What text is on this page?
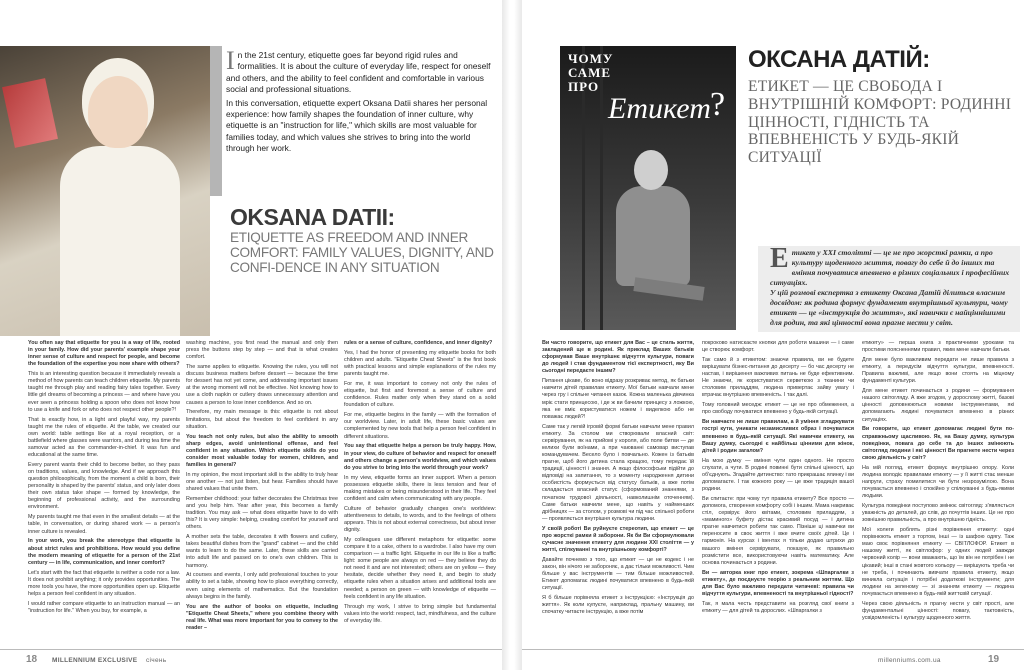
In the 21st century, etiquette goes far beyond rigid rules and formalities. It is about the culture of everyday life, respect for oneself and others, and the ability to feel confident and comfortable in various social and professional situations.

In this conversation, etiquette expert Oksana Datii shares her personal experience: how family shapes the foundation of inner culture, why etiquette is an "instruction for life," which skills are most valuable for families today, and which values she strives to bring into the world through her work.

OKSANA DATII:
ETIQUETTE AS FREEDOM AND INNER COMFORT: FAMILY VALUES, DIGNITY, AND CONFI-DENCE IN ANY SITUATION

You often say that etiquette for you is a way of life, rooted in your family. How did your parents' example shape your inner sense of culture and respect for people, and become the foundation of the expertise you now share with others?

This is an interesting question because it immediately reveals a method of how parents can teach children etiquette. My parents taught me through play and reading fairy tales together. Every little girl dreams of becoming a princess — and where have you ever seen a princess holding a spoon who does not know how to use a knife and fork or who does not respect other people?!

That is exactly how, in a light and playful way, my parents taught me the rules of etiquette. At the table, we created our own world: table settings like at a royal reception, or a battlefield where glasses were warriors, and during tea time the samovar acted as the commander-in-chief. It was fun and educational at the same time.

Every parent wants their child to become better, so they pass on traditions, values, and knowledge. And if we approach this question philosophically, from the moment a child is born, their personality is shaped by the parents' status, and only later does their own status take shape — formed by knowledge, the beginning of professional activity, and the surrounding environment.

My parents taught me that even in the smallest details — at the table, in conversation, or during shared work — a person's inner culture is revealed.

In your work, you break the stereotype that etiquette is about strict rules and prohibitions. How would you define the modern meaning of etiquette for a person of the 21st century — in life, communication, and inner comfort?

Let's start with the fact that etiquette is neither a code nor a law. It does not prohibit anything; it only provides opportunities. The more tools you have, the more opportunities open up. Etiquette helps a person feel confident in any situation.

I would rather compare etiquette to an instruction manual — an "instruction for life." When you buy, for example, a

washing machine, you first read the manual and only then press the buttons step by step — and that is what creates comfort.

The same applies to etiquette. Knowing the rules, you will not discuss business matters before dessert — because the time for dessert has not yet come, and addressing important issues at the wrong moment will not be effective. Not knowing how to use a cloth napkin or cutlery draws unnecessary attention and causes a person to lose inner confidence. And so on.

Therefore, my main message is this: etiquette is not about limitations, but about the freedom to feel confident in any situation.

You teach not only rules, but also the ability to smooth sharp edges, avoid unintentional offense, and feel confident in any situation. Which etiquette skills do you consider most valuable today for women, children, and families in general?

In my opinion, the most important skill is the ability to truly hear one another — not just listen, but hear. Families should have shared values that unite them.

Remember childhood: your father decorates the Christmas tree and you help him. Year after year, this becomes a family tradition. You may ask — what does etiquette have to do with this? It is very simple: helping, creating comfort for yourself and others.

A mother sets the table, decorates it with flowers and cutlery, takes beautiful dishes from the "grand" cabinet — and the child wants to learn to do the same. Later, these skills are carried into adult life and passed on to one's own children. This is harmony.

At courses and events, I only add professional touches to your ability to set a table, showing how to place everything correctly, even using elements of mathematics. But the foundation always begins in the family.

You are the author of books on etiquette, including "Etiquette Cheat Sheets," where you combine theory with real life. What was more important for you to convey to the reader –

rules or a sense of culture, confidence, and inner dignity?

Yes, I had the honor of presenting my etiquette books for both children and adults. "Etiquette Cheat Sheets" is the first book with practical lessons and simple explanations of the rules my parents taught me.

For me, it was important to convey not only the rules of etiquette, but first and foremost a sense of culture and confidence. Rules matter only when they stand on a solid foundation of culture.

For me, etiquette begins in the family — with the formation of our worldview. Later, in adult life, these basic values are complemented by new tools that help a person feel confident in different situations.

You say that etiquette helps a person be truly happy. How, in your view, do culture of behavior and respect for oneself and others change a person's worldview, and which values do you strive to bring into the world through your work?

In my view, etiquette forms an inner support. When a person possesses etiquette skills, there is less tension and fear of making mistakes or being misunderstood in their life. They feel confident and calm when communicating with any people.

Culture of behavior gradually changes one's worldview: attentiveness to details, to words, and to the feelings of others appears. This is not about external correctness, but about inner dignity.

My colleagues use different metaphors for etiquette: some compare it to a cake, others to a wardrobe. I also have my own comparison — a traffic light. Etiquette in our life is like a traffic light: some people are always on red — they believe they do not need it and are not interested; others are on yellow — they hesitate, decide whether they need it, and begin to study etiquette rules when a situation arises and additional tools are needed; a person on green — with knowledge of etiquette — feels confident in any life situation.

Through my work, I strive to bring simple but fundamental values into the world: respect, tact, mindfulness, and the culture of everyday life.

18 MILLENNIUM EXCLUSIVE січень
ЧОМУ
САМЕ
ПРО
Етикет ?
ОКСАНА ДАТІЙ:
ЕТИКЕТ — ЦЕ СВОБОДА І ВНУТРІШНІЙ КОМФОРТ: РОДИННІ ЦІННОСТІ, ГІДНІСТЬ ТА ВПЕВНЕНІСТЬ У БУДЬ-ЯКІЙ СИТУАЦІЇ

Етикет у XXI столітті — це не про жорсткі рамки, а про культуру щоденного життя, повагу до себе й до інших та вміння почуватися впевнено в різних соціальних і професійних ситуаціях.

У цій розмові експертка з етикету Оксана Датій ділиться власним досвідом: як родина формує фундамент внутрішньої культури, чому етикет — це «інструкція до життя», які навички є найціннішими для родин, та які цінності вона прагне нести у світ.

Ви часто говорите, що етикет для Вас – це стиль життя, закладений ще в родині. Як приклад Ваших батьків сформував Ваше внутрішнє відчуття культури, поваги до людей і став фундаментом тієї експертності, яку Ви сьогодні передаєте іншим?

Питання цікаве, бо воно відразу розкриває метод, як батьки навчити дітей правилам етикету. Мої батьки навчали мене через гру і спільне читання казок. Кожна маленька дівчинка мріє стати принцесою, і де ж ви бачили принцесу з ложкою, яка не вміє користуватися ножем і виделкою або не поважає людей?!

Саме так у легкій ігровій формі батьки навчали мене правил етикету. За столом ми створювали власний світ: сервірування, як на прийомі у короля, або поле битви — де келихи були воїнами, а при чаюванні самовар виступав командувачем. Весело було і повчально. Кожен із батьків прагне, щоб його дитина стала кращою, тому передає їй традиції, цінності і знання. А якщо філософськи підійти до відповіді на запитання, то з моменту народження дитини особистість формується від статусу батьків, а вже потім складається власний статус (сформований знаннями, з початком трудової діяльності, навколишнім оточенням). Саме батьки навчили мене, що навіть у найменших дрібницях — за столом, у розмові чи під час спільної роботи — проявляється внутрішня культура людини.

У своїй роботі Ви руйнуєте стереотип, що етикет — це про жорсткі рамки й заборони. Як би Ви сформулювали сучасне значення етикету для людини XXI століття — у житті, спілкуванні та внутрішньому комфорті?

Давайте почнемо з того, що етикет — це не кодекс і не закон, він нічого не забороняє, а дає тільки можливості. Чим більше у вас інструментів — тим більше можливостей. Етикет допомагає людині почуватися впевнено в будь-якій ситуації.

Я б більше порівняла етикет з інструкцією: «Інструкція до життя». Як коли купуєте, наприклад, пральну машину, ви спочатку читаєте інструкцію, а вже потім

покроково натискаєте кнопки для роботи машини — і саме це створює комфорт.

Так само й з етикетом: знаючи правила, ви не будете вирішувати бізнес-питання до десерту — бо час десерту не настав, і вирішення важливих питань не буде ефективним. Не знаючи, як користуватися серветкою з тканини чи столовим приладдям, людина привертає зайву увагу і втрачає внутрішню впевненість. І так далі.

Тому головний меседж: етикет — це не про обмеження, а про свободу почуватися впевнено у будь-якій ситуації.

Ви навчаєте не лише правилам, а й уміння згладжувати гострі кути, уникати незамисливих образ і почуватися впевнено в будь-якій ситуації. Які навички етикету, на Вашу думку, сьогодні є найбільш цінними для жінок, дітей і родин загалом?

На мою думку — вміння чути один одного. Не просто слухати, а чути. В родині повинні бути спільні цінності, що об'єднують. Згадайте дитинство: тато прикрашає ялинку і ви допомагаєте. І так кожного року — це вже традиція вашої родини.

Ви спитаєте: при чому тут правила етикету? Все просто — допомога, створення комфорту собі і іншим. Мама накриває стіл, сервірує його квітами, столовим приладдям, з «маминого» буфету дістає красивий посуд — і дитина прагне навчитися робити так само. Пізніше ці навички ви переносите в своє життя і вже вчите своїх дітей. Це і гармонія. На курсах і івентах я тільки додаю штрихи до вашого вміння сервірувати, показую, як правильно розмістити все, використовуючи навіть математику. Але основа починається з родини.

Ви — авторка книг про етикет, зокрема «Шпаргалки з етикету», де поєднуєте теорію з реальним життям. Що для Вас було важливо передати читачеві: правила чи відчуття культури, впевненості та внутрішньої гідності?

Так, я мала честь представити на розгляд свої книги з етикету — для дітей та дорослих. «Шпаргалки з

етикету» — перша книга з практичними уроками та простими поясненнями правил, яким мене навчали батьки.

Для мене було важливим передати не лише правила з етикету, а передусім відчуття культури, впевненості. Правила важливі, але якщо вони стоять на міцному фундаменті культури.

Для мене етикет починається з родини — формування нашого світогляду. А вже згодом, у дорослому житті, базові цінності доповнюються новими інструментами, які допомагають людині почуватися впевнено в різних ситуаціях.

Ви говорите, що етикет допомагає людині бути по-справжньому щасливою. Як, на Вашу думку, культура поведінки, повага до себе та до інших змінюють світогляд людини і які цінності Ви прагнете нести через свою діяльність у світ?

На мій погляд, етикет формує внутрішню опору. Коли людина володіє правилами етикету — у її житті стає менше напруги, страху помилитися чи бути незрозумілою. Вона почувається впевнено і спокійно у спілкуванні з будь-якими людьми.

Культура поведінки поступово змінює світогляд: з'являється уважність до деталей, до слів, до почуттів інших. Це не про зовнішню правильність, а про внутрішню гідність.

Мої колеги роблять різні порівняння етикету: одні порівнюють етикет з тортом, інші — із шафою одягу. Таж маю своє порівняння етикету — СВІТЛОФОР. Етикет в нашому житті, як світлофор: у одних людей завжди червоний колір — вони вважають, що їм він не потрібен і не цікавий; інші в стані жовтого кольору — вирішують треба чи не треба, і починають вивчати правила етикету, якщо виникла ситуація і потрібні додаткові інструменти; для людини на зеленому — зі знанням етикету — людина почувається впевнено в будь-якій життєвій ситуації.

Через свою діяльність я прагну нести у світ прості, але фундаментальні цінності: повагу, тактовність, усвідомленість і культуру щоденного життя.

millenniums.com.ua	19
